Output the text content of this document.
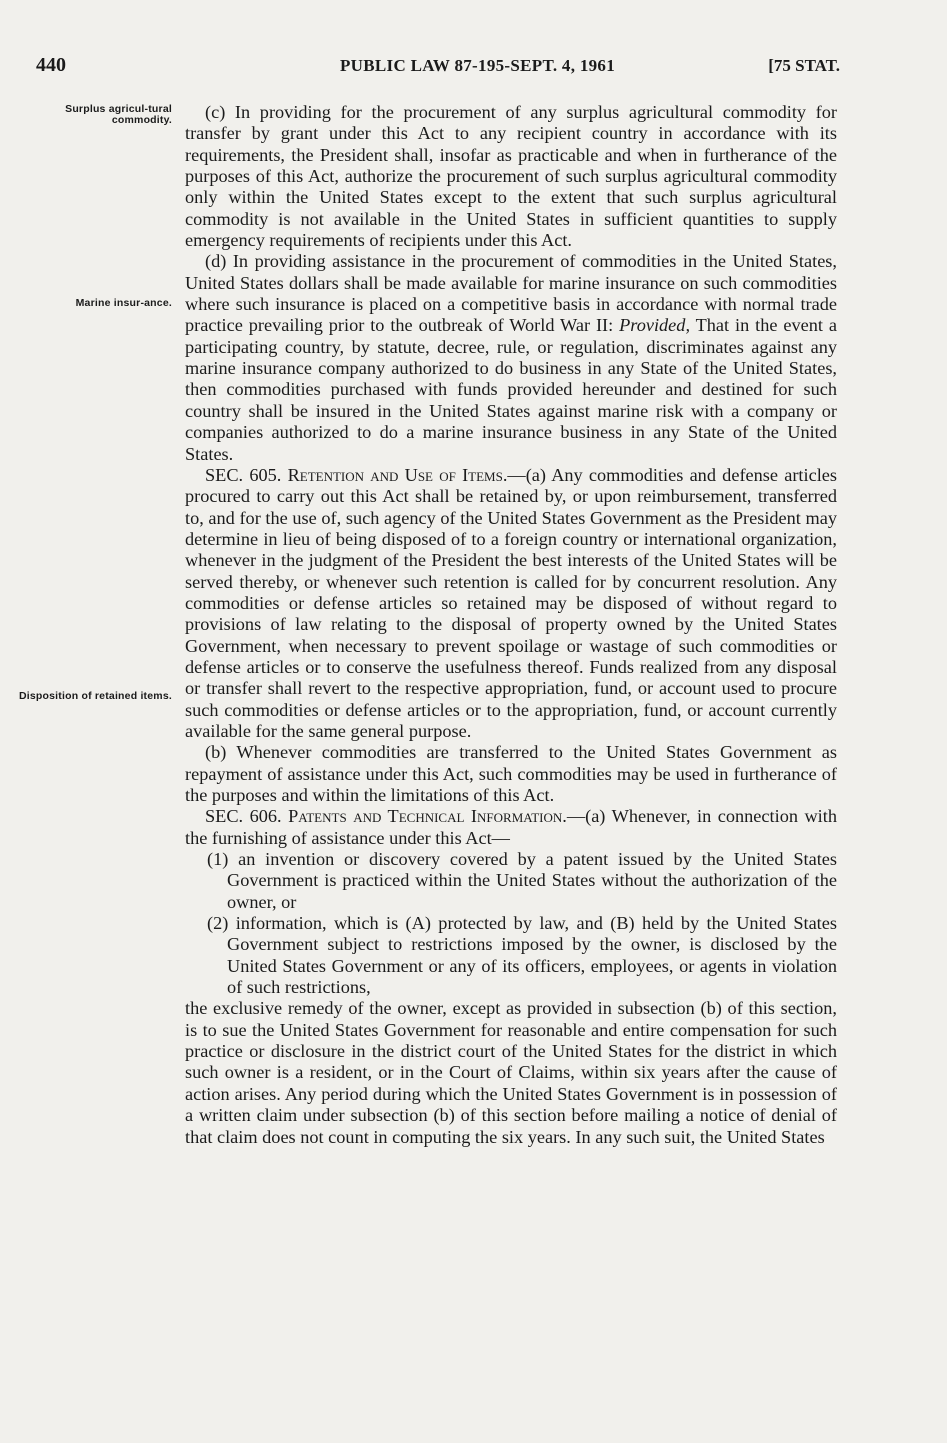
440	PUBLIC LAW 87-195-SEPT. 4, 1961	[75 STAT.
Surplus agricul-tural commodity.
Marine insur-ance.
Disposition of retained items.

(c) In providing for the procurement of any surplus agricultural commodity for transfer by grant under this Act to any recipient country in accordance with its requirements, the President shall, insofar as practicable and when in furtherance of the purposes of this Act, authorize the procurement of such surplus agricultural commodity only within the United States except to the extent that such surplus agricultural commodity is not available in the United States in sufficient quantities to supply emergency requirements of recipients under this Act.

(d) In providing assistance in the procurement of commodities in the United States, United States dollars shall be made available for marine insurance on such commodities where such insurance is placed on a competitive basis in accordance with normal trade practice prevailing prior to the outbreak of World War II: Provided, That in the event a participating country, by statute, decree, rule, or regulation, discriminates against any marine insurance company authorized to do business in any State of the United States, then commodities purchased with funds provided hereunder and destined for such country shall be insured in the United States against marine risk with a company or companies authorized to do a marine insurance business in any State of the United States.

SEC. 605. Retention and Use of Items.—(a) Any commodities and defense articles procured to carry out this Act shall be retained by, or upon reimbursement, transferred to, and for the use of, such agency of the United States Government as the President may determine in lieu of being disposed of to a foreign country or international organization, whenever in the judgment of the President the best interests of the United States will be served thereby, or whenever such retention is called for by concurrent resolution. Any commodities or defense articles so retained may be disposed of without regard to provisions of law relating to the disposal of property owned by the United States Government, when necessary to prevent spoilage or wastage of such commodities or defense articles or to conserve the usefulness thereof. Funds realized from any disposal or transfer shall revert to the respective appropriation, fund, or account used to procure such commodities or defense articles or to the appropriation, fund, or account currently available for the same general purpose.

(b) Whenever commodities are transferred to the United States Government as repayment of assistance under this Act, such commodities may be used in furtherance of the purposes and within the limitations of this Act.

SEC. 606. Patents and Technical Information.—(a) Whenever, in connection with the furnishing of assistance under this Act—

(1) an invention or discovery covered by a patent issued by the United States Government is practiced within the United States without the authorization of the owner, or

(2) information, which is (A) protected by law, and (B) held by the United States Government subject to restrictions imposed by the owner, is disclosed by the United States Government or any of its officers, employees, or agents in violation of such restrictions,

the exclusive remedy of the owner, except as provided in subsection (b) of this section, is to sue the United States Government for reasonable and entire compensation for such practice or disclosure in the district court of the United States for the district in which such owner is a resident, or in the Court of Claims, within six years after the cause of action arises. Any period during which the United States Government is in possession of a written claim under subsection (b) of this section before mailing a notice of denial of that claim does not count in computing the six years. In any such suit, the United States
